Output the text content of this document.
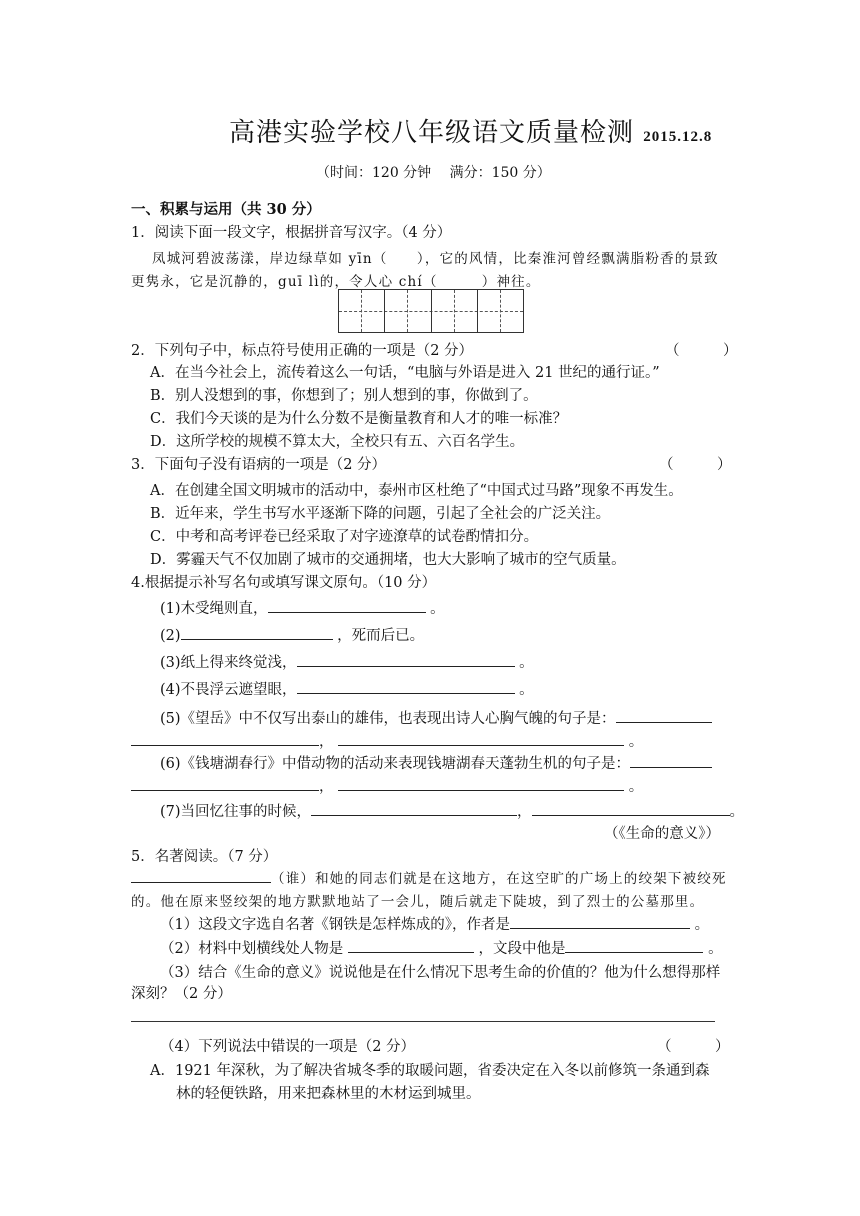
高港实验学校八年级语文质量检测 2015.12.8
（时间：120 分钟　 满分：150 分）
一、积累与运用（共 30 分）
1．阅读下面一段文字，根据拼音写汉字。（4 分）
凤城河碧波荡漾，岸边绿草如 yīn（　　），它的风情，比秦淮河曾经飘满脂粉香的景致
更隽永，它是沉静的，guī lì的，令人心 chí（　　　）神往。
2．下列句子中，标点符号使用正确的一项是（2 分）	（　　　）
A．在当今社会上，流传着这么一句话，“电脑与外语是进入 21 世纪的通行证。”
B．别人没想到的事，你想到了；别人想到的事，你做到了。
C．我们今天谈的是为什么分数不是衡量教育和人才的唯一标准？
D．这所学校的规模不算太大，全校只有五、六百名学生。
3．下面句子没有语病的一项是（2 分）	（　　　）
A．在创建全国文明城市的活动中，泰州市区杜绝了“中国式过马路”现象不再发生。
B．近年来，学生书写水平逐渐下降的问题，引起了全社会的广泛关注。
C．中考和高考评卷已经采取了对字迹潦草的试卷酌情扣分。
D．雾霾天气不仅加剧了城市的交通拥堵，也大大影响了城市的空气质量。
4.根据提示补写名句或填写课文原句。（10 分）
(1)木受绳则直，	。
(2)	，死而后已。
(3)纸上得来终觉浅，	。
(4)不畏浮云遮望眼，	。
(5)《望岳》中不仅写出泰山的雄伟，也表现出诗人心胸气魄的句子是：
，	。
(6)《钱塘湖春行》中借动物的活动来表现钱塘湖春天蓬勃生机的句子是：
，	。
(7)当回忆往事的时候，	，	。
（《生命的意义》）
5．名著阅读。（7 分）
（谁）和她的同志们就是在这地方，在这空旷的广场上的绞架下被绞死
的。他在原来竖绞架的地方默默地站了一会儿，随后就走下陡坡，到了烈士的公墓那里。
（1）这段文字选自名著《钢铁是怎样炼成的》，作者是	。
（2）材料中划横线处人物是	，文段中他是	。
（3）结合《生命的意义》说说他是在什么情况下思考生命的价值的？他为什么想得那样
深刻？（2 分）
（4）下列说法中错误的一项是（2 分）	（　　　）
A．1921 年深秋，为了解决省城冬季的取暖问题，省委决定在入冬以前修筑一条通到森
林的轻便铁路，用来把森林里的木材运到城里。
